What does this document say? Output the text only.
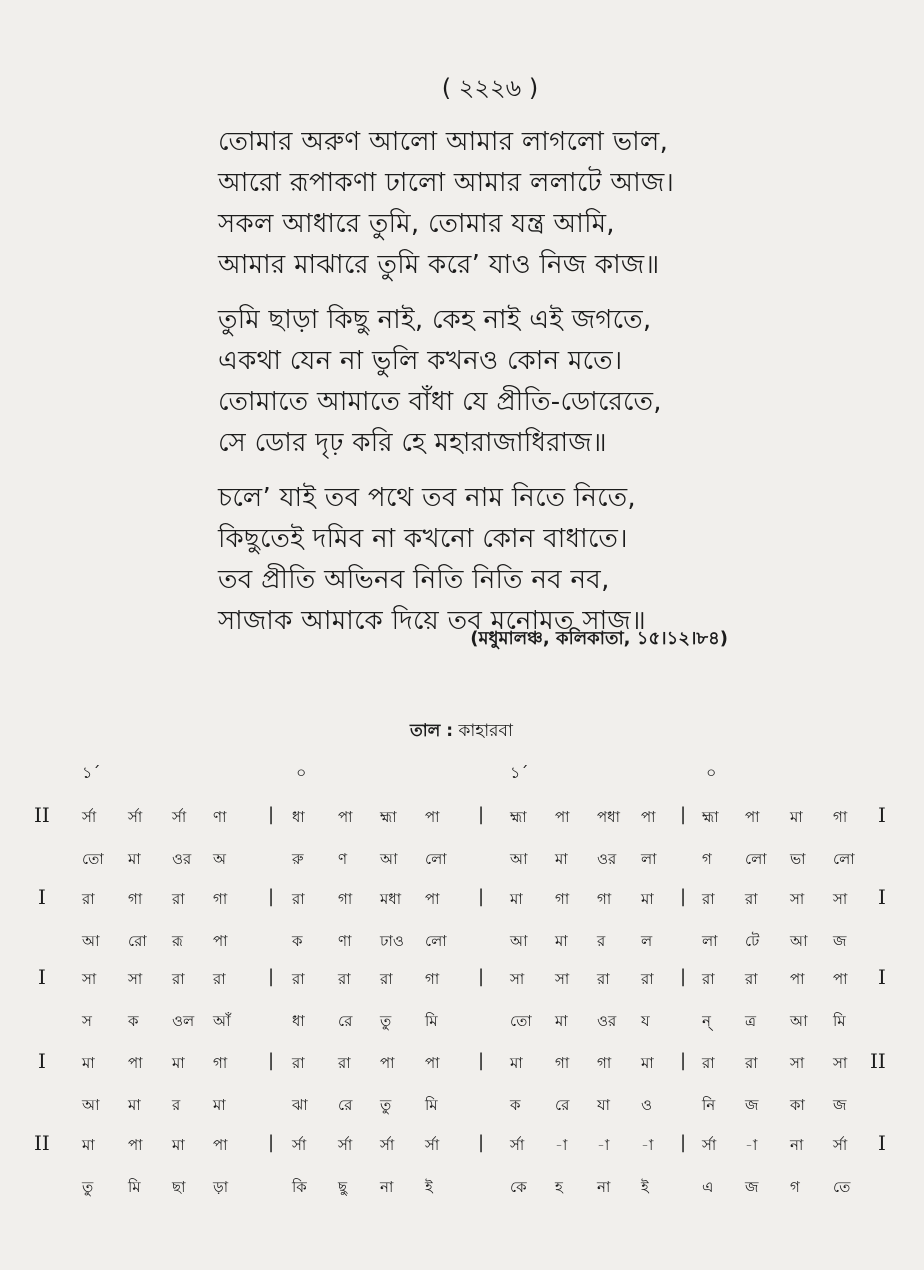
( ২২২৬ )
তোমার অরুণ আলো আমার লাগলো ভাল,
আরো রূপাকণা ঢালো আমার ললাটে আজ।
সকল আধারে তুমি, তোমার যন্ত্র আমি,
আমার মাঝারে তুমি করে’ যাও নিজ কাজ॥
তুমি ছাড়া কিছু নাই, কেহ নাই এই জগতে,
একথা যেন না ভুলি কখনও কোন মতে।
তোমাতে আমাতে বাঁধা যে প্রীতি-ডোরেতে,
সে ডোর দৃঢ় করি হে মহারাজাধিরাজ॥
চলে’ যাই তব পথে তব নাম নিতে নিতে,
কিছুতেই দমিব না কখনো কোন বাধাতে।
তব প্রীতি অভিনব নিতি নিতি নব নব,
সাজাক আমাকে দিয়ে তব মনোমত সাজ॥
(মধুমালঞ্চ, কলিকাতা, ১৫।১২।৮৪)
তাল : কাহারবা
১´	০	১´	০
II র্সা র্সা র্সা ণা | ধা পা হ্মা পা | হ্মা পা পধা পা | হ্মা পা মা গা I
তো মা ওর অ	রু ণ আ লো	আ মা ওর লা	গ লো ভা লো
I রা গা রা গা | রা গা মধা পা | মা গা গা মা | রা রা সা সা I
আ রো রূ পা	ক ণা ঢাও লো	আ মা র ল	লা টে আ জ
I সা সা রা রা | রা রা রা গা | সা সা রা রা | রা রা পা পা I
স ক ওল আঁ	ধা রে তু মি	তো মা ওর য	ন্ ত্র আ মি
I মা পা মা গা | রা রা পা পা | মা গা গা মা | রা রা সা সা II
আ মা র মা	ঝা রে তু মি	ক রে যা ও	নি জ কা জ
II মা পা মা পা | র্সা র্সা র্সা র্সা | র্সা -া -া -া | র্সা -া না র্সা I
তু মি ছা ড়া	কি ছু না ই	কে হ না ই	এ জ গ তে
